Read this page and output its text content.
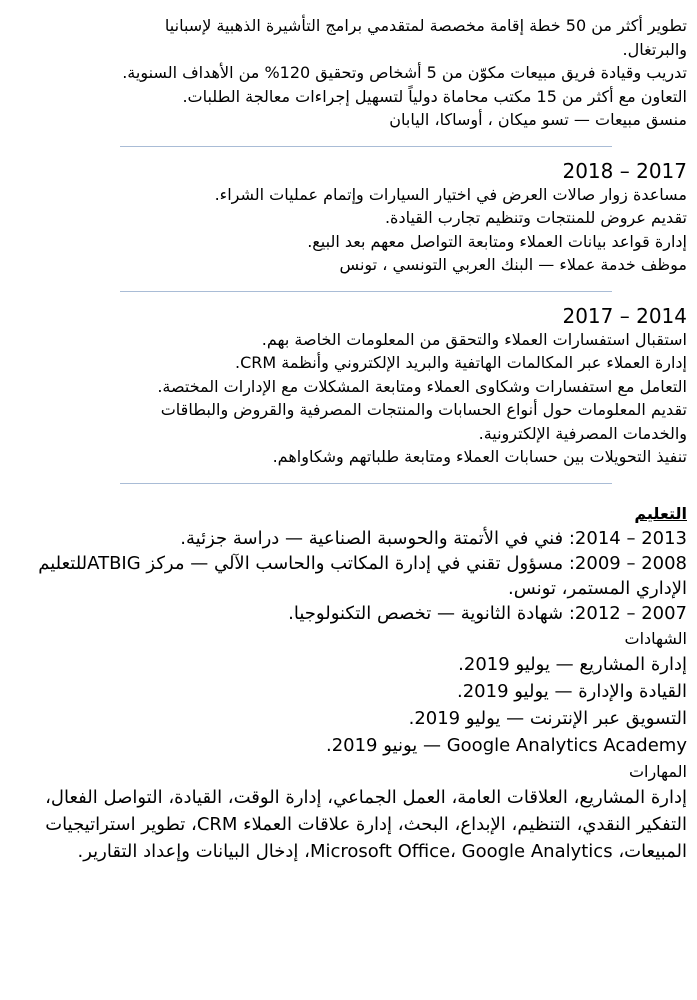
تطوير أكثر من 50 خطة إقامة مخصصة لمتقدمي برامج التأشيرة الذهبية لإسبانيا
والبرتغال.
تدريب وقيادة فريق مبيعات مكوّن من 5 أشخاص وتحقيق 120% من الأهداف السنوية.
التعاون مع أكثر من 15 مكتب محاماة دولياً لتسهيل إجراءات معالجة الطلبات.
منسق مبيعات — تسو ميكان ، أوساكا، اليابان
2017 – 2018
مساعدة زوار صالات العرض في اختيار السيارات وإتمام عمليات الشراء.
تقديم عروض للمنتجات وتنظيم تجارب القيادة.
إدارة قواعد بيانات العملاء ومتابعة التواصل معهم بعد البيع.
موظف خدمة عملاء — البنك العربي التونسي ، تونس
2014 – 2017
استقبال استفسارات العملاء والتحقق من المعلومات الخاصة بهم.
إدارة العملاء عبر المكالمات الهاتفية والبريد الإلكتروني وأنظمة CRM.
التعامل مع استفسارات وشكاوى العملاء ومتابعة المشكلات مع الإدارات المختصة.
تقديم المعلومات حول أنواع الحسابات والمنتجات المصرفية والقروض والبطاقات
والخدمات المصرفية الإلكترونية.
تنفيذ التحويلات بين حسابات العملاء ومتابعة طلباتهم وشكاواهم.
التعليم
2013 – 2014: فني في الأتمتة والحوسبة الصناعية — دراسة جزئية.
2008 – 2009: مسؤول تقني في إدارة المكاتب والحاسب الآلي — مركز ATBIGللتعليم
الإداري المستمر، تونس.
2007 – 2012: شهادة الثانوية — تخصص التكنولوجيا.
الشهادات
إدارة المشاريع — يوليو 2019.
القيادة والإدارة — يوليو 2019.
التسويق عبر الإنترنت — يوليو 2019.
Google Analytics Academy — يونيو 2019.
المهارات
إدارة المشاريع، العلاقات العامة، العمل الجماعي، إدارة الوقت، القيادة، التواصل الفعال،
التفكير النقدي، التنظيم، الإبداع، البحث، إدارة علاقات العملاء CRM، تطوير استراتيجيات
المبيعات، Microsoft Office، Google Analytics، إدخال البيانات وإعداد التقارير.
